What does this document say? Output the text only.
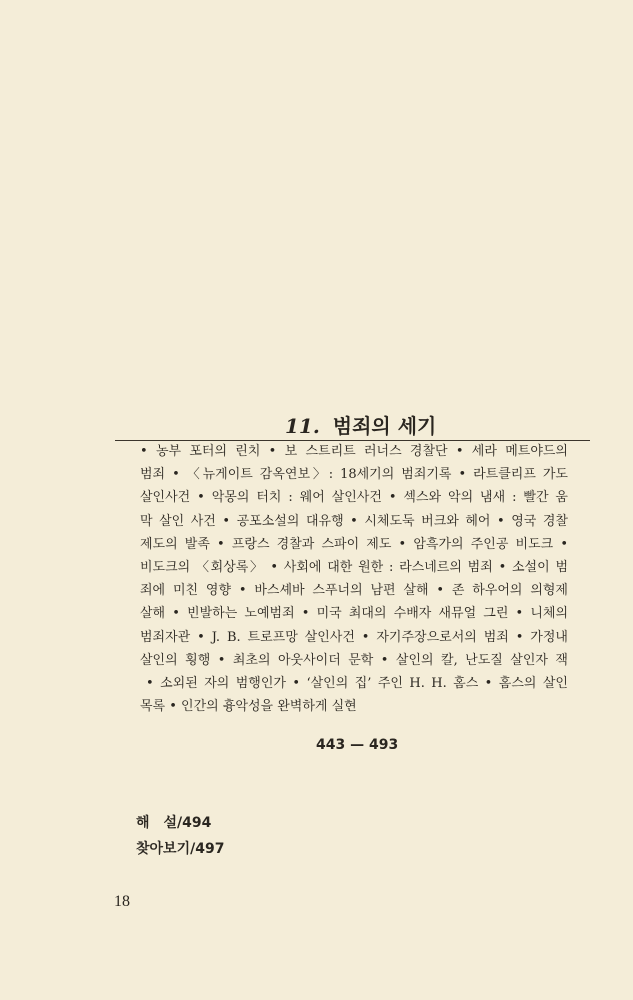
11. 범죄의 세기
• 농부 포터의 린치 • 보 스트리트 러너스 경찰단 • 세라 메트야드의
범죄 • 〈뉴게이트 감옥연보〉: 18세기의 범죄기록 • 라트클리프 가도
살인사건 • 악몽의 터치 : 웨어 살인사건 • 섹스와 악의 냄새 : 빨간 움
막 살인 사건 • 공포소설의 대유행 • 시체도둑 버크와 헤어 • 영국 경찰
제도의 발족 • 프랑스 경찰과 스파이 제도 • 암흑가의 주인공 비도크 •
비도크의 〈회상록〉 • 사회에 대한 원한 : 라스네르의 범죄 • 소설이 범
죄에 미친 영향 • 바스셰바 스푸너의 남편 살해 • 존 하우어의 의형제
살해 • 빈발하는 노예범죄 • 미국 최대의 수배자 새뮤얼 그린 • 니체의
범죄자관 • J. B. 트로프망 살인사건 • 자기주장으로서의 범죄 • 가정내
살인의 횡행 • 최초의 아웃사이더 문학 • 살인의 칼, 난도질 살인자 잭
• 소외된 자의 범행인가 • ‘살인의 집’ 주인 H. H. 홈스 • 홈스의 살인
목록 • 인간의 흉악성을 완벽하게 실현
443 — 493
해　설/494
찾아보기/497
18
